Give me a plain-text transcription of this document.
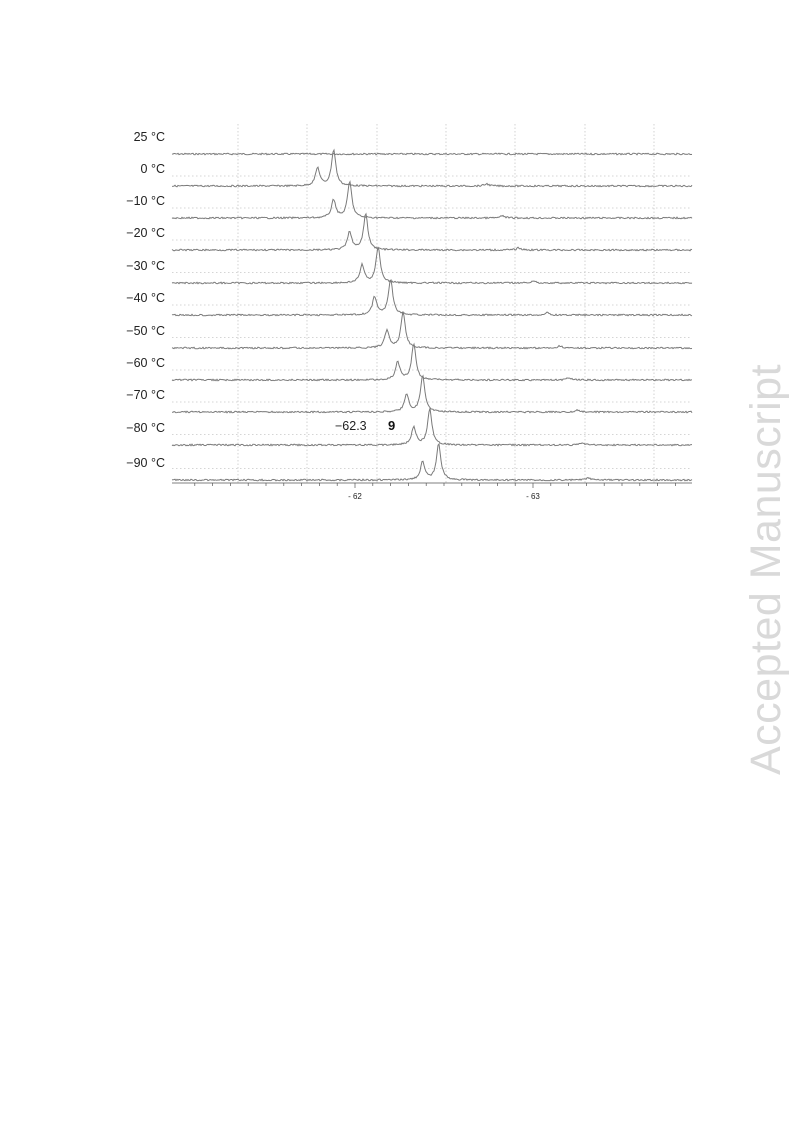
25 °C
0 °C
−10 °C
−20 °C
−30 °C
−40 °C
−50 °C
−60 °C
−70 °C
−80 °C
−90 °C
- 62	- 63
−62.3 9	Accepted Manuscript
